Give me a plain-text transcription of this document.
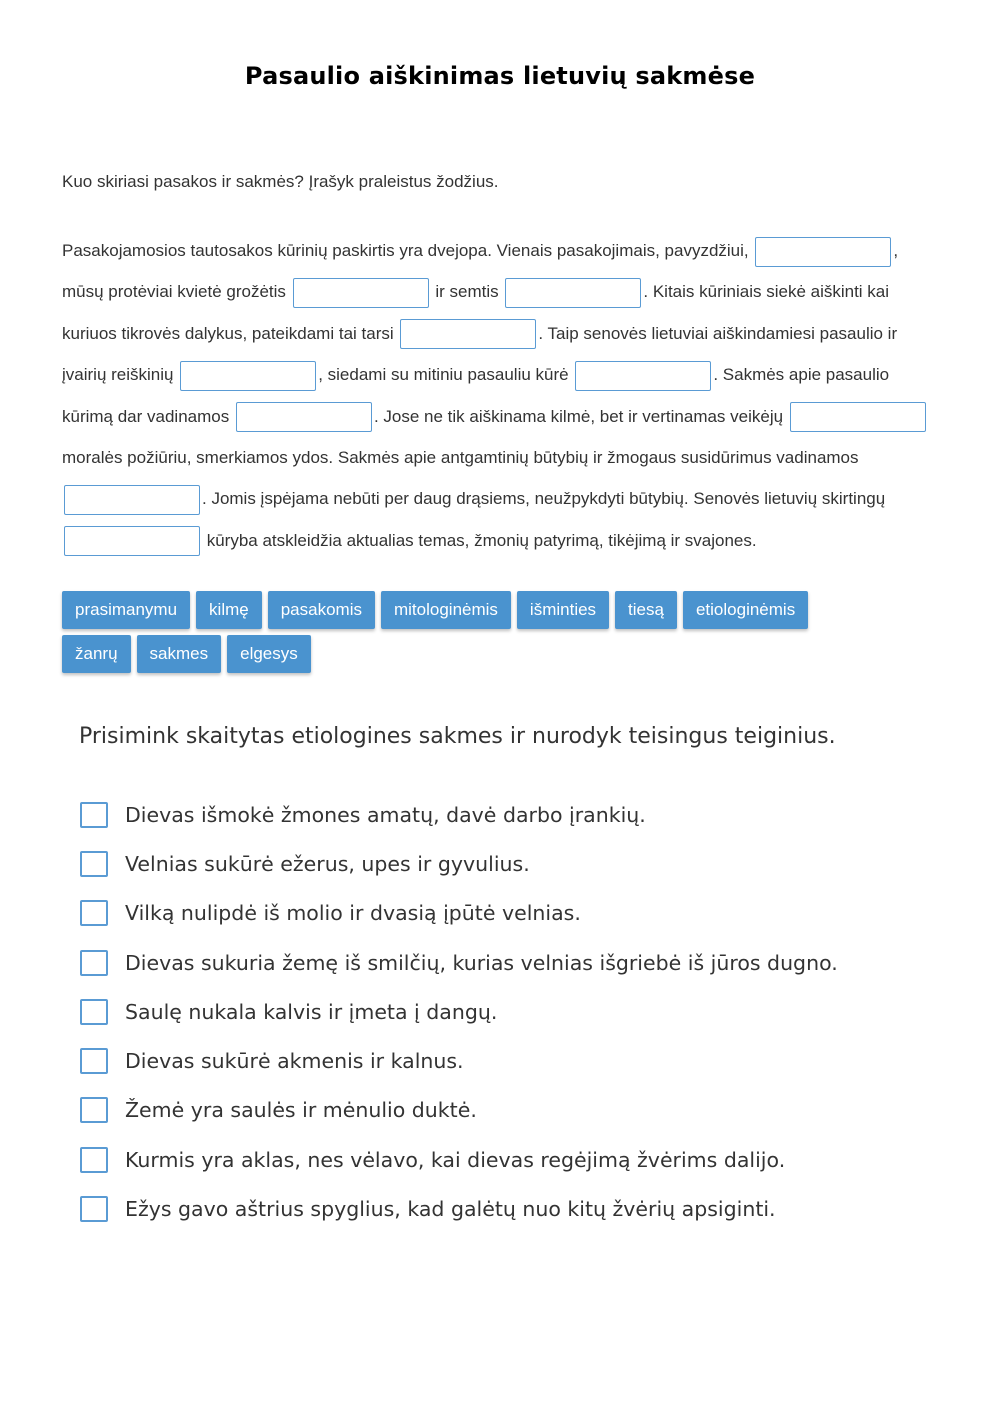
Pasaulio aiškinimas lietuvių sakmėse
Kuo skiriasi pasakos ir sakmės? Įrašyk praleistus žodžius.
Pasakojamosios tautosakos kūrinių paskirtis yra dvejopa. Vienais pasakojimais, pavyzdžiui,	, mūsų protėviai kvietė grožėtis	ir semtis	. Kitais kūriniais siekė aiškinti kai kuriuos tikrovės dalykus, pateikdami tai tarsi	. Taip senovės lietuviai aiškindamiesi pasaulio ir įvairių reiškinių	, siedami su mitiniu pasauliu kūrė	. Sakmės apie pasaulio kūrimą dar vadinamos	. Jose ne tik aiškinama kilmė, bet ir vertinamas veikėjų  moralės požiūriu, smerkiamos ydos. Sakmės apie antgamtinių būtybių ir žmogaus susidūrimus vadinamos . Jomis įspėjama nebūti per daug drąsiems, neužpykdyti būtybių. Senovės lietuvių skirtingų  kūryba atskleidžia aktualias temas, žmonių patyrimą, tikėjimą ir svajones.
prasimanymu	kilmę	pasakomis	mitologinėmis	išminties	tiesą	etiologinėmis
žanrų	sakmes	elgesys
Prisimink skaitytas etiologines sakmes ir nurodyk teisingus teiginius.
Dievas išmokė žmones amatų, davė darbo įrankių.
Velnias sukūrė ežerus, upes ir gyvulius.
Vilką nulipdė iš molio ir dvasią įpūtė velnias.
Dievas sukuria žemę iš smilčių, kurias velnias išgriebė iš jūros dugno.
Saulę nukala kalvis ir įmeta į dangų.
Dievas sukūrė akmenis ir kalnus.
Žemė yra saulės ir mėnulio duktė.
Kurmis yra aklas, nes vėlavo, kai dievas regėjimą žvėrims dalijo.
Ežys gavo aštrius spyglius, kad galėtų nuo kitų žvėrių apsiginti.
